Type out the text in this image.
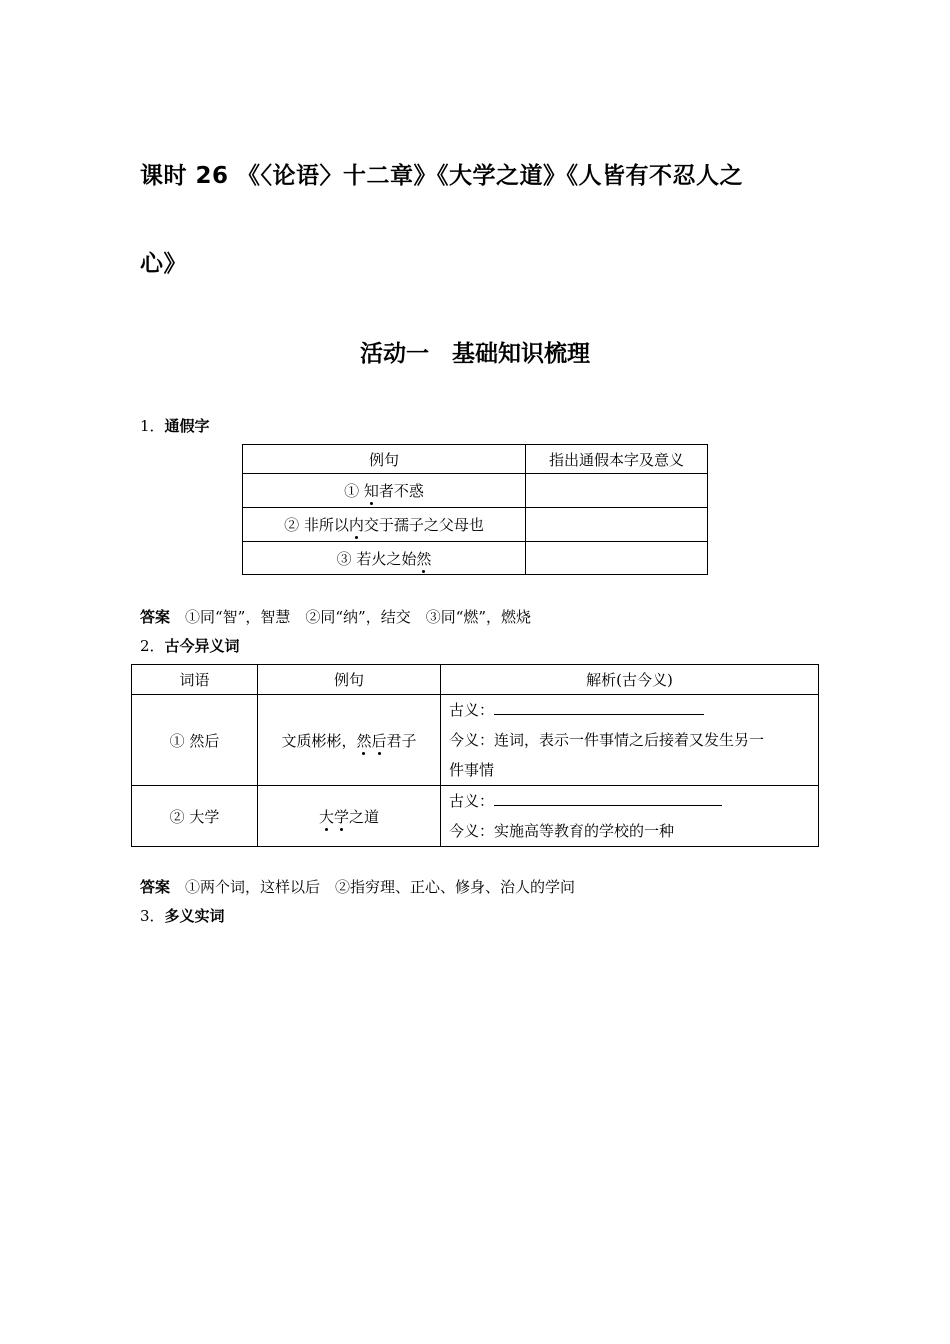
课时 26 《〈论语〉十二章》《大学之道》《人皆有不忍人之
心》
活动一　基础知识梳理
1．通假字
例句	指出通假本字及意义
① 知者不惑	
② 非所以内交于孺子之父母也	
③ 若火之始然	
答案　①同“智”，智慧　②同“纳”，结交　③同“燃”，燃烧
2．古今异义词
词语	例句	解析(古今义)
① 然后	文质彬彬，然后君子	古义：
今义：连词，表示一件事情之后接着又发生另一
件事情

② 大学	大学之道	古义：
今义：实施高等教育的学校的一种
答案　①两个词，这样以后　②指穷理、正心、修身、治人的学问
3．多义实词
